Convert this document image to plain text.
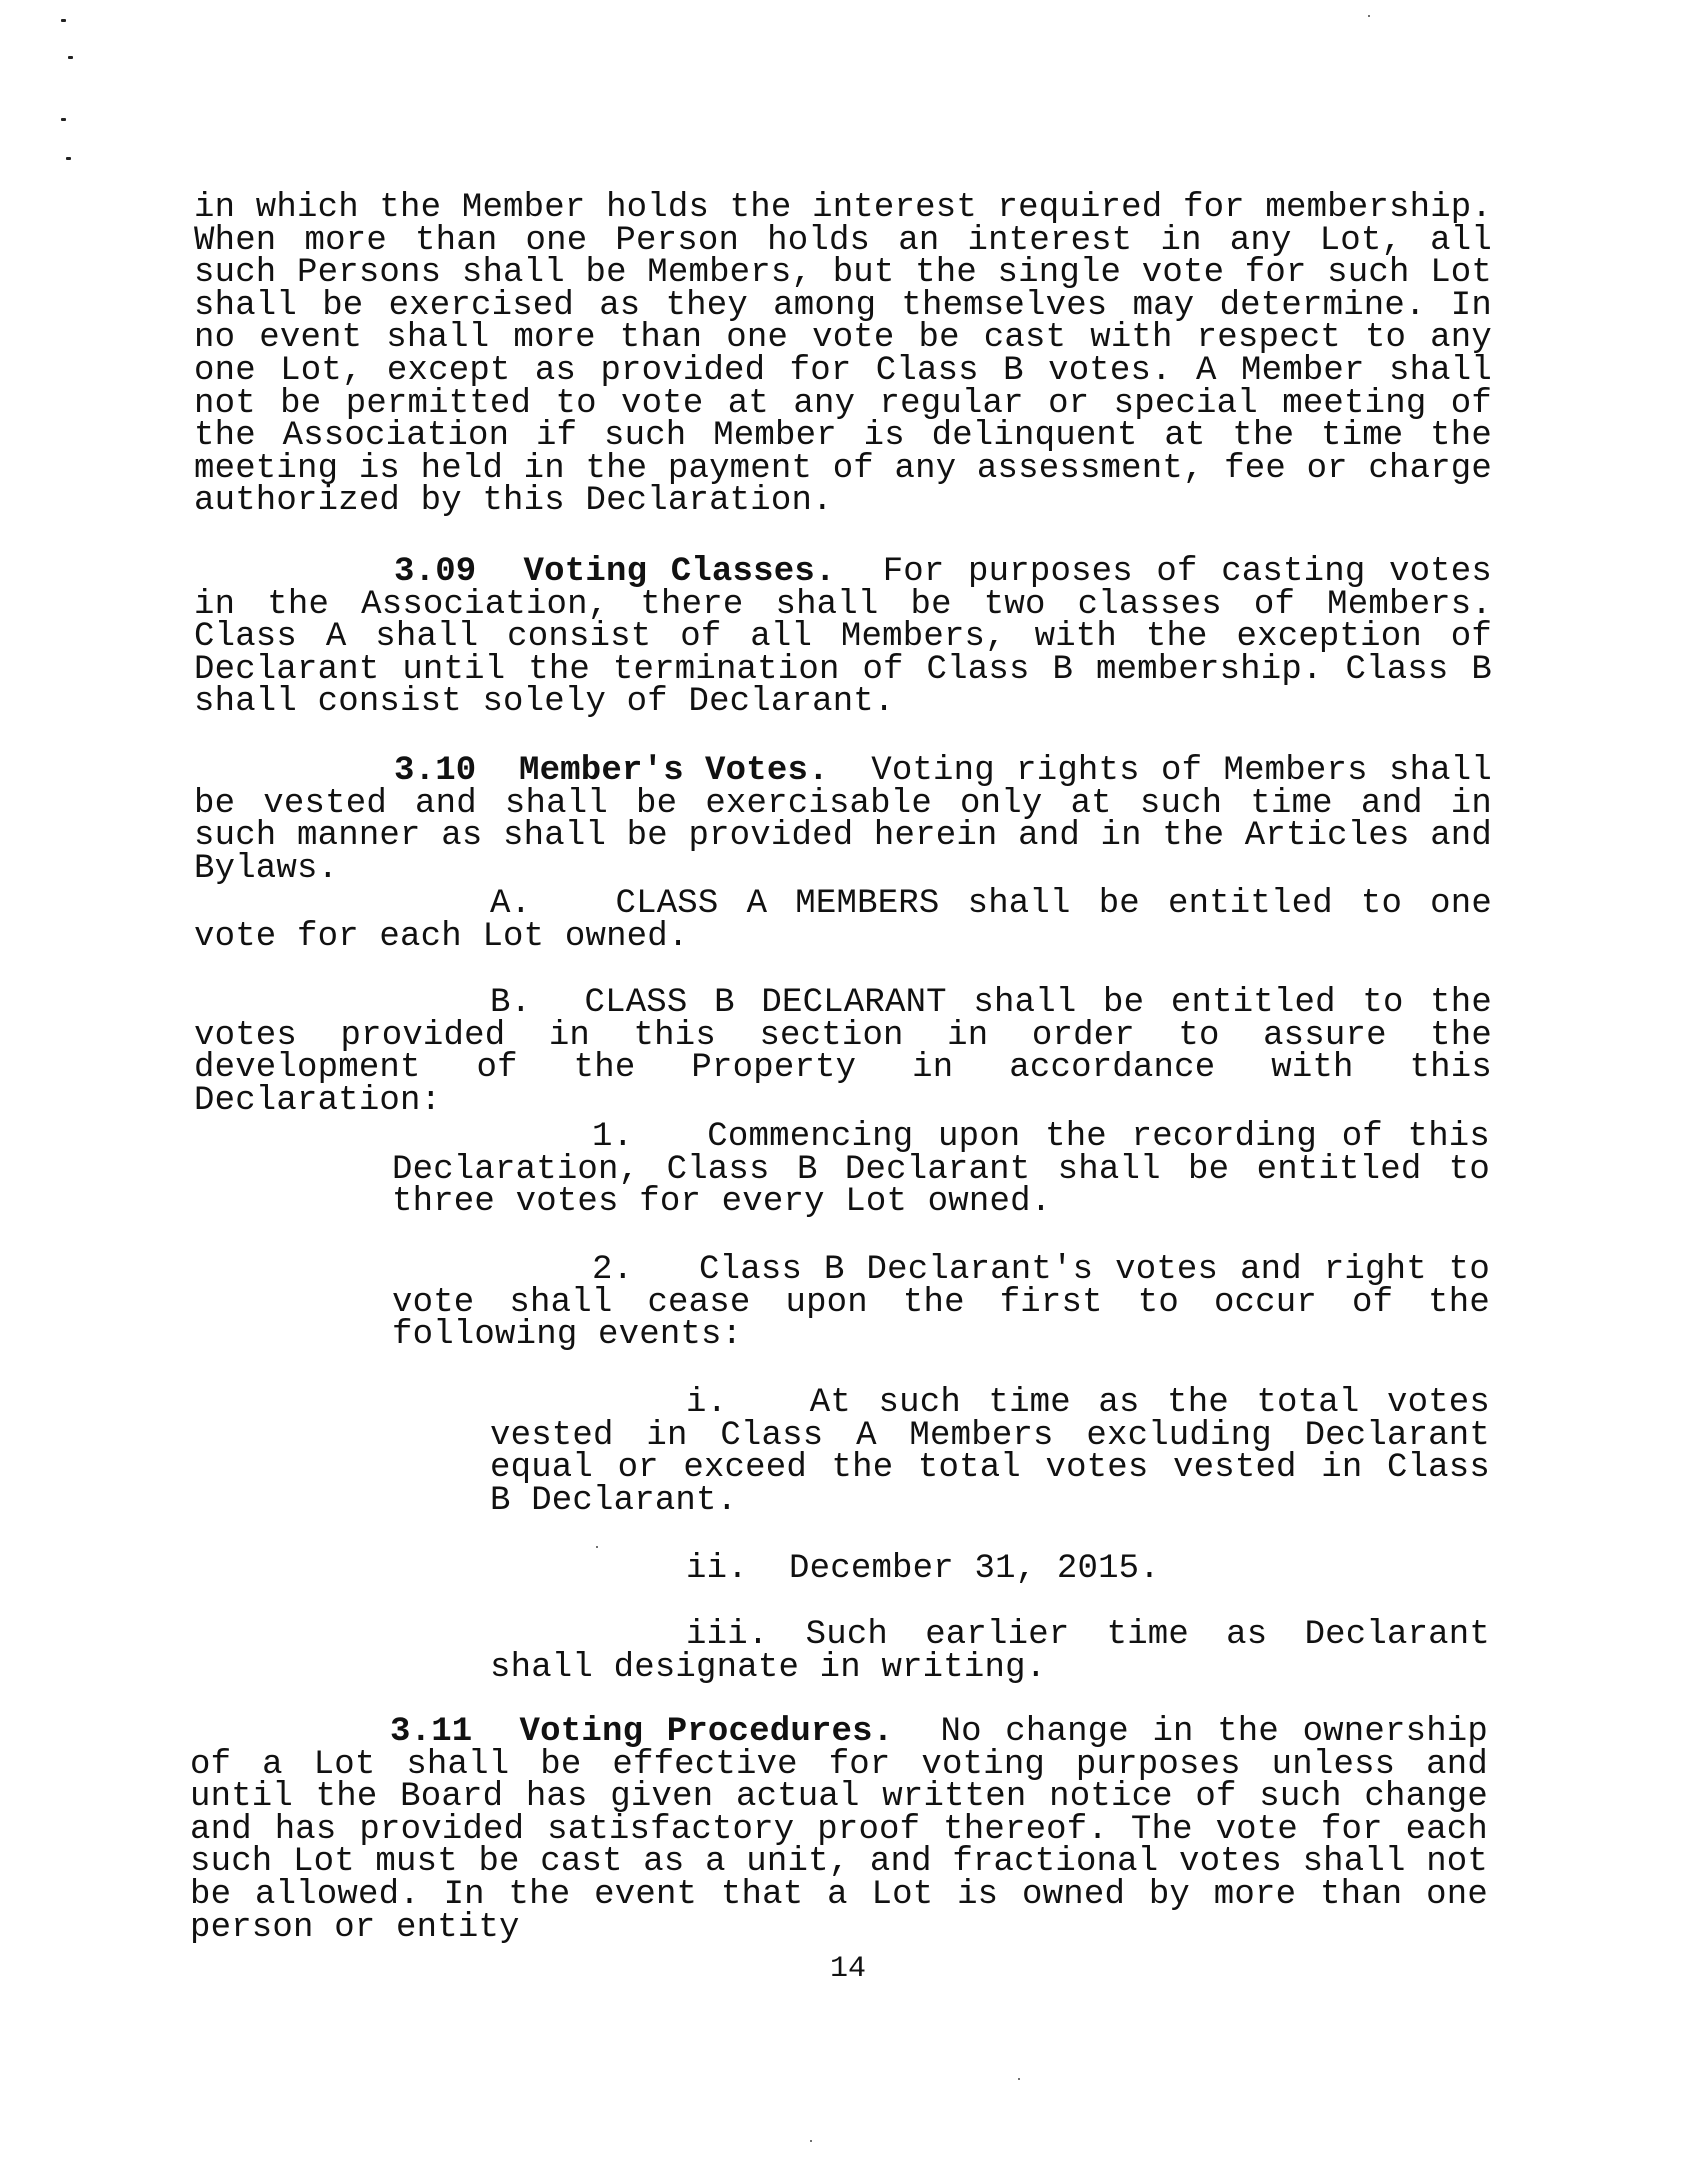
in which the Member holds the interest required for membership. When more than one Person holds an interest in any Lot, all such Persons shall be Members, but the single vote for such Lot shall be exercised as they among themselves may determine. In no event shall more than one vote be cast with respect to any one Lot, except as provided for Class B votes. A Member shall not be permitted to vote at any regular or special meeting of the Association if such Member is delinquent at the time the meeting is held in the payment of any assessment, fee or charge authorized by this Declaration.
3.09 Voting Classes. For purposes of casting votes in the Association, there shall be two classes of Members. Class A shall consist of all Members, with the exception of Declarant until the termination of Class B membership. Class B shall consist solely of Declarant.
3.10 Member's Votes. Voting rights of Members shall be vested and shall be exercisable only at such time and in such manner as shall be provided herein and in the Articles and Bylaws.
A. CLASS A MEMBERS shall be entitled to one vote for each Lot owned.
B. CLASS B DECLARANT shall be entitled to the votes provided in this section in order to assure the development of the Property in accordance with this Declaration:
1. Commencing upon the recording of this Declaration, Class B Declarant shall be entitled to three votes for every Lot owned.
2. Class B Declarant's votes and right to vote shall cease upon the first to occur of the following events:
i. At such time as the total votes vested in Class A Members excluding Declarant equal or exceed the total votes vested in Class B Declarant.
ii. December 31, 2015.
iii. Such earlier time as Declarant shall designate in writing.
3.11 Voting Procedures. No change in the ownership of a Lot shall be effective for voting purposes unless and until the Board has given actual written notice of such change and has provided satisfactory proof thereof. The vote for each such Lot must be cast as a unit, and fractional votes shall not be allowed. In the event that a Lot is owned by more than one person or entity
14
